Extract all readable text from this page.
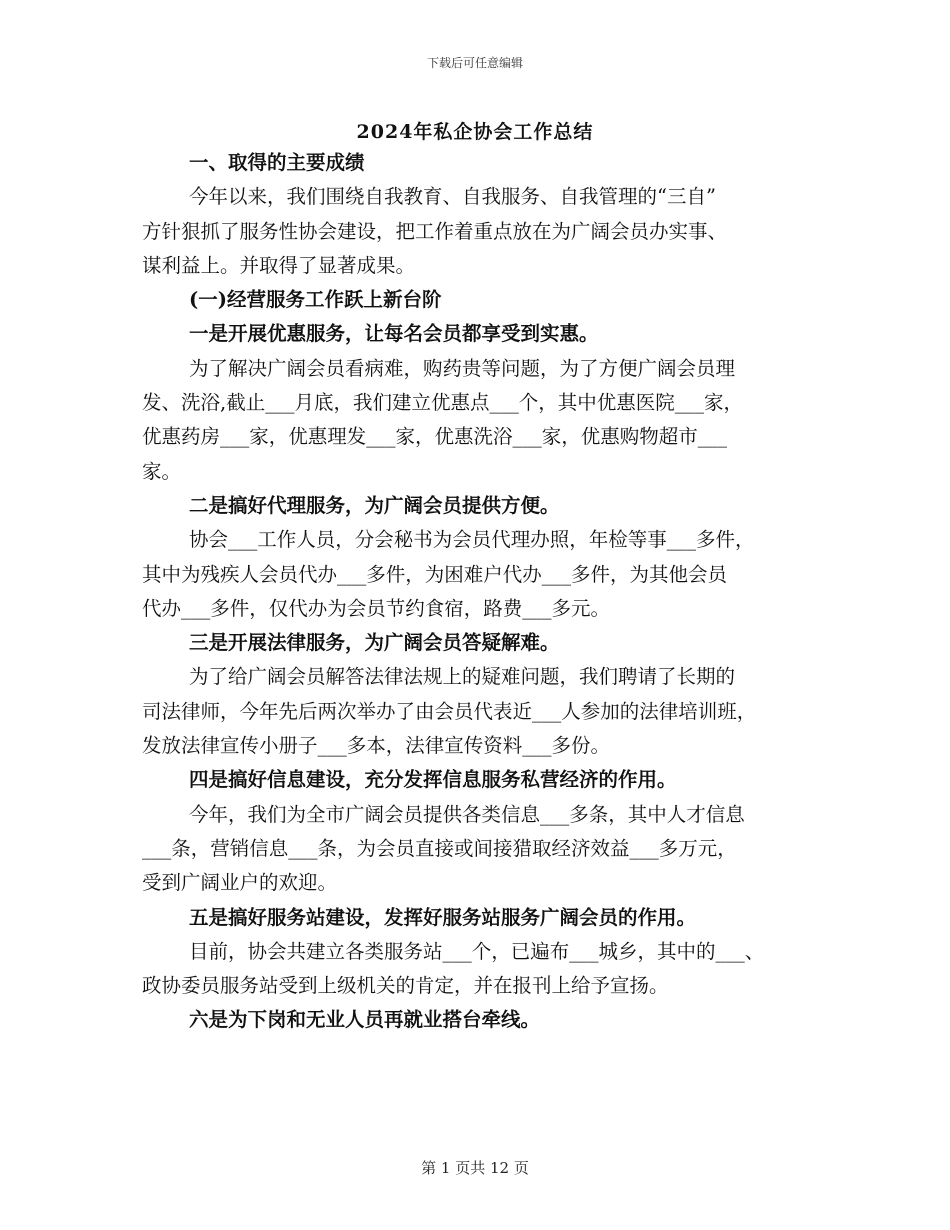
下载后可任意编辑
2024年私企协会工作总结
一、取得的主要成绩
今年以来，我们围绕自我教育、自我服务、自我管理的“三自”
方针狠抓了服务性协会建设，把工作着重点放在为广阔会员办实事、
谋利益上。并取得了显著成果。
(一)经营服务工作跃上新台阶
一是开展优惠服务，让每名会员都享受到实惠。
为了解决广阔会员看病难，购药贵等问题，为了方便广阔会员理
发、洗浴,截止___月底，我们建立优惠点___个，其中优惠医院___家，
优惠药房___家，优惠理发___家，优惠洗浴___家，优惠购物超市___
家。
二是搞好代理服务，为广阔会员提供方便。
协会___工作人员，分会秘书为会员代理办照，年检等事___多件，
其中为残疾人会员代办___多件，为困难户代办___多件，为其他会员
代办___多件，仅代办为会员节约食宿，路费___多元。
三是开展法律服务，为广阔会员答疑解难。
为了给广阔会员解答法律法规上的疑难问题，我们聘请了长期的
司法律师，今年先后两次举办了由会员代表近___人参加的法律培训班，
发放法律宣传小册子___多本，法律宣传资料___多份。
四是搞好信息建设，充分发挥信息服务私营经济的作用。
今年，我们为全市广阔会员提供各类信息___多条，其中人才信息
___条，营销信息___条，为会员直接或间接猎取经济效益___多万元，
受到广阔业户的欢迎。
五是搞好服务站建设，发挥好服务站服务广阔会员的作用。
目前，协会共建立各类服务站___个，已遍布___城乡，其中的___、
政协委员服务站受到上级机关的肯定，并在报刊上给予宣扬。
六是为下岗和无业人员再就业搭台牵线。
第 1 页共 12 页
